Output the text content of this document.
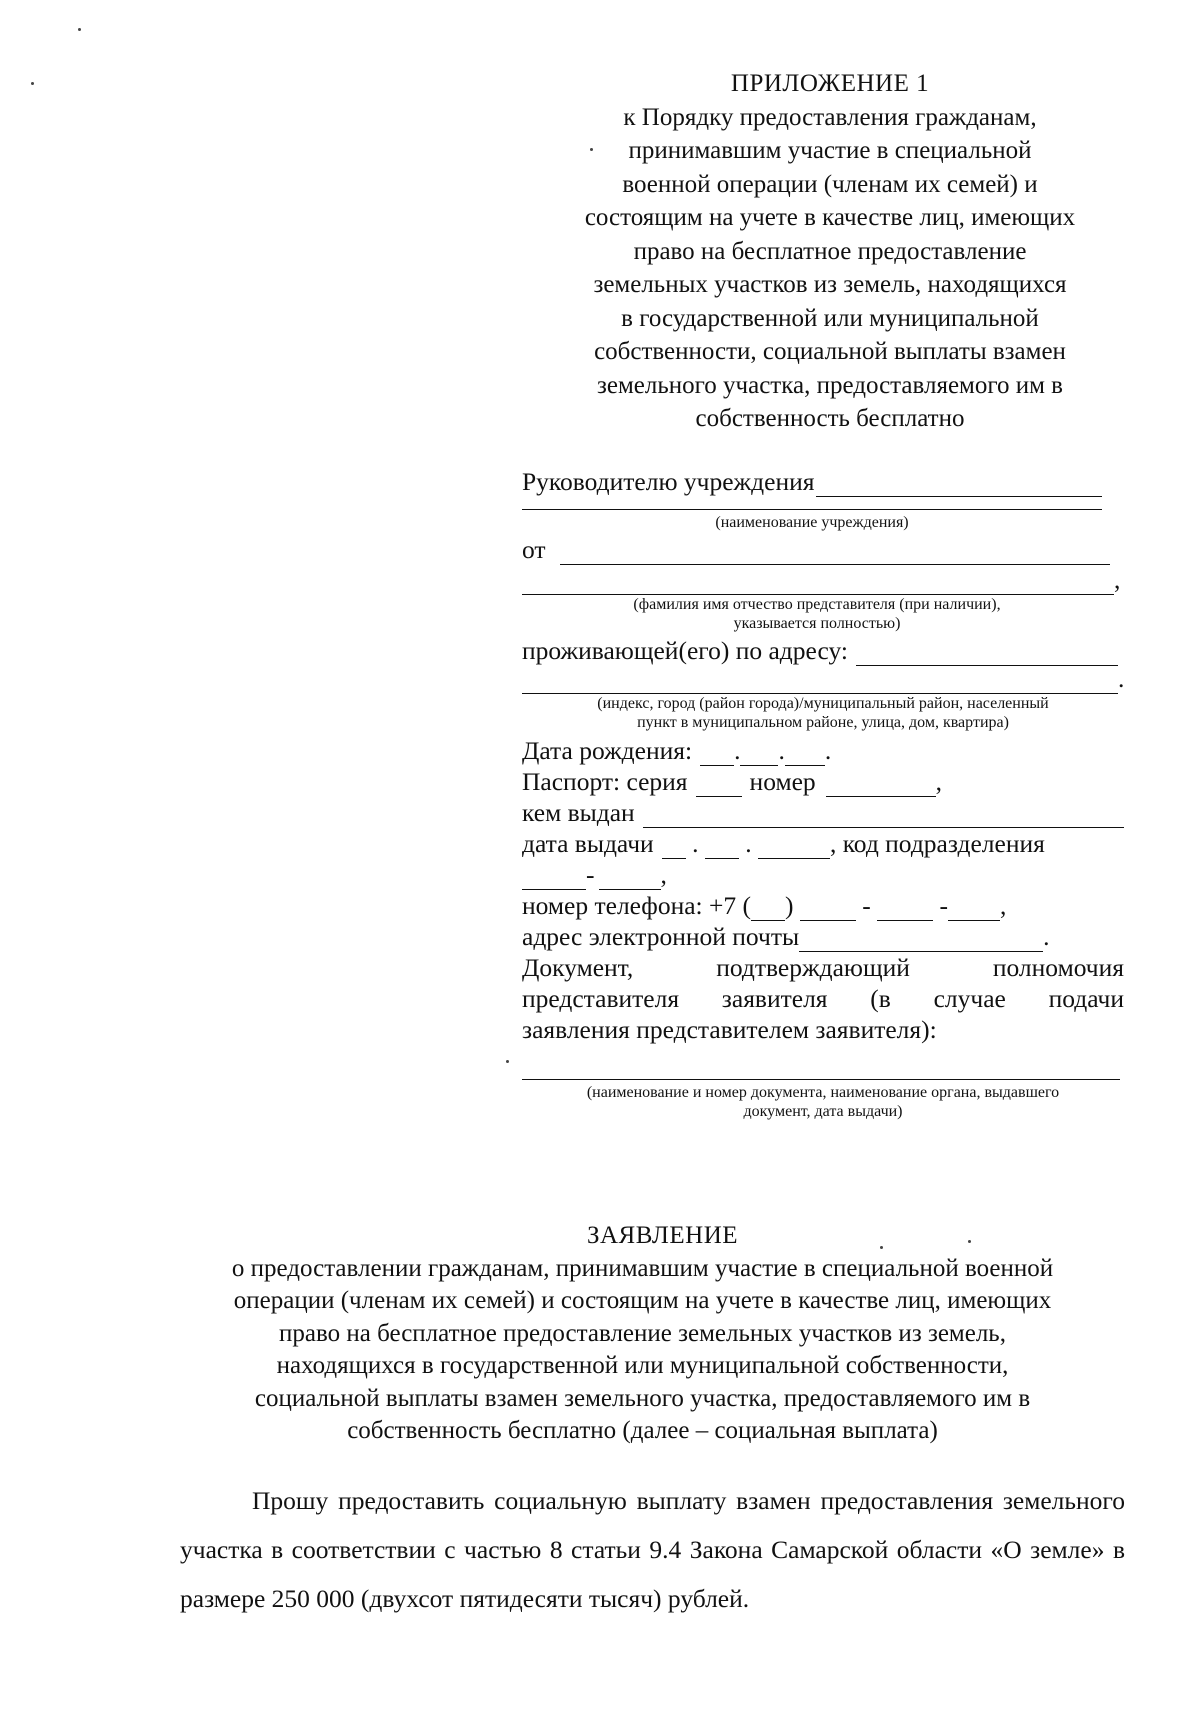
ПРИЛОЖЕНИЕ 1
к Порядку предоставления гражданам,
принимавшим участие в специальной
военной операции (членам их семей) и
состоящим на учете в качестве лиц, имеющих
право на бесплатное предоставление
земельных участков из земель, находящихся
в государственной или муниципальной
собственности, социальной выплаты взамен
земельного участка, предоставляемого им в
собственность бесплатно
Руководителю учреждения
(наименование учреждения)
от
,
(фамилия имя отчество представителя (при наличии),
указывается полностью)
проживающей(его) по адресу:
.
(индекс, город (район города)/муниципальный район, населенный
пункт в муниципальном районе, улица, дом, квартира)
Дата рождения: .
.
.
Паспорт: серия номер	,
кем выдан
дата выдачи .
.	, код подразделения
-	,
номер телефона: +7 ( )
-
-
,
адрес электронной почты	.
Документ, подтверждающий полномочия
представителя заявителя (в случае подачи
заявления представителем заявителя):
(наименование и номер документа, наименование органа, выдавшего
документ, дата выдачи)
ЗАЯВЛЕНИЕ
о предоставлении гражданам, принимавшим участие в специальной военной
операции (членам их семей) и состоящим на учете в качестве лиц, имеющих
право на бесплатное предоставление земельных участков из земель,
находящихся в государственной или муниципальной собственности,
социальной выплаты взамен земельного участка, предоставляемого им в
собственность бесплатно (далее – социальная выплата)
Прошу предоставить социальную выплату взамен предоставления земельного участка в соответствии с частью 8 статьи 9.4 Закона Самарской области «О земле» в размере 250 000 (двухсот пятидесяти тысяч) рублей.
